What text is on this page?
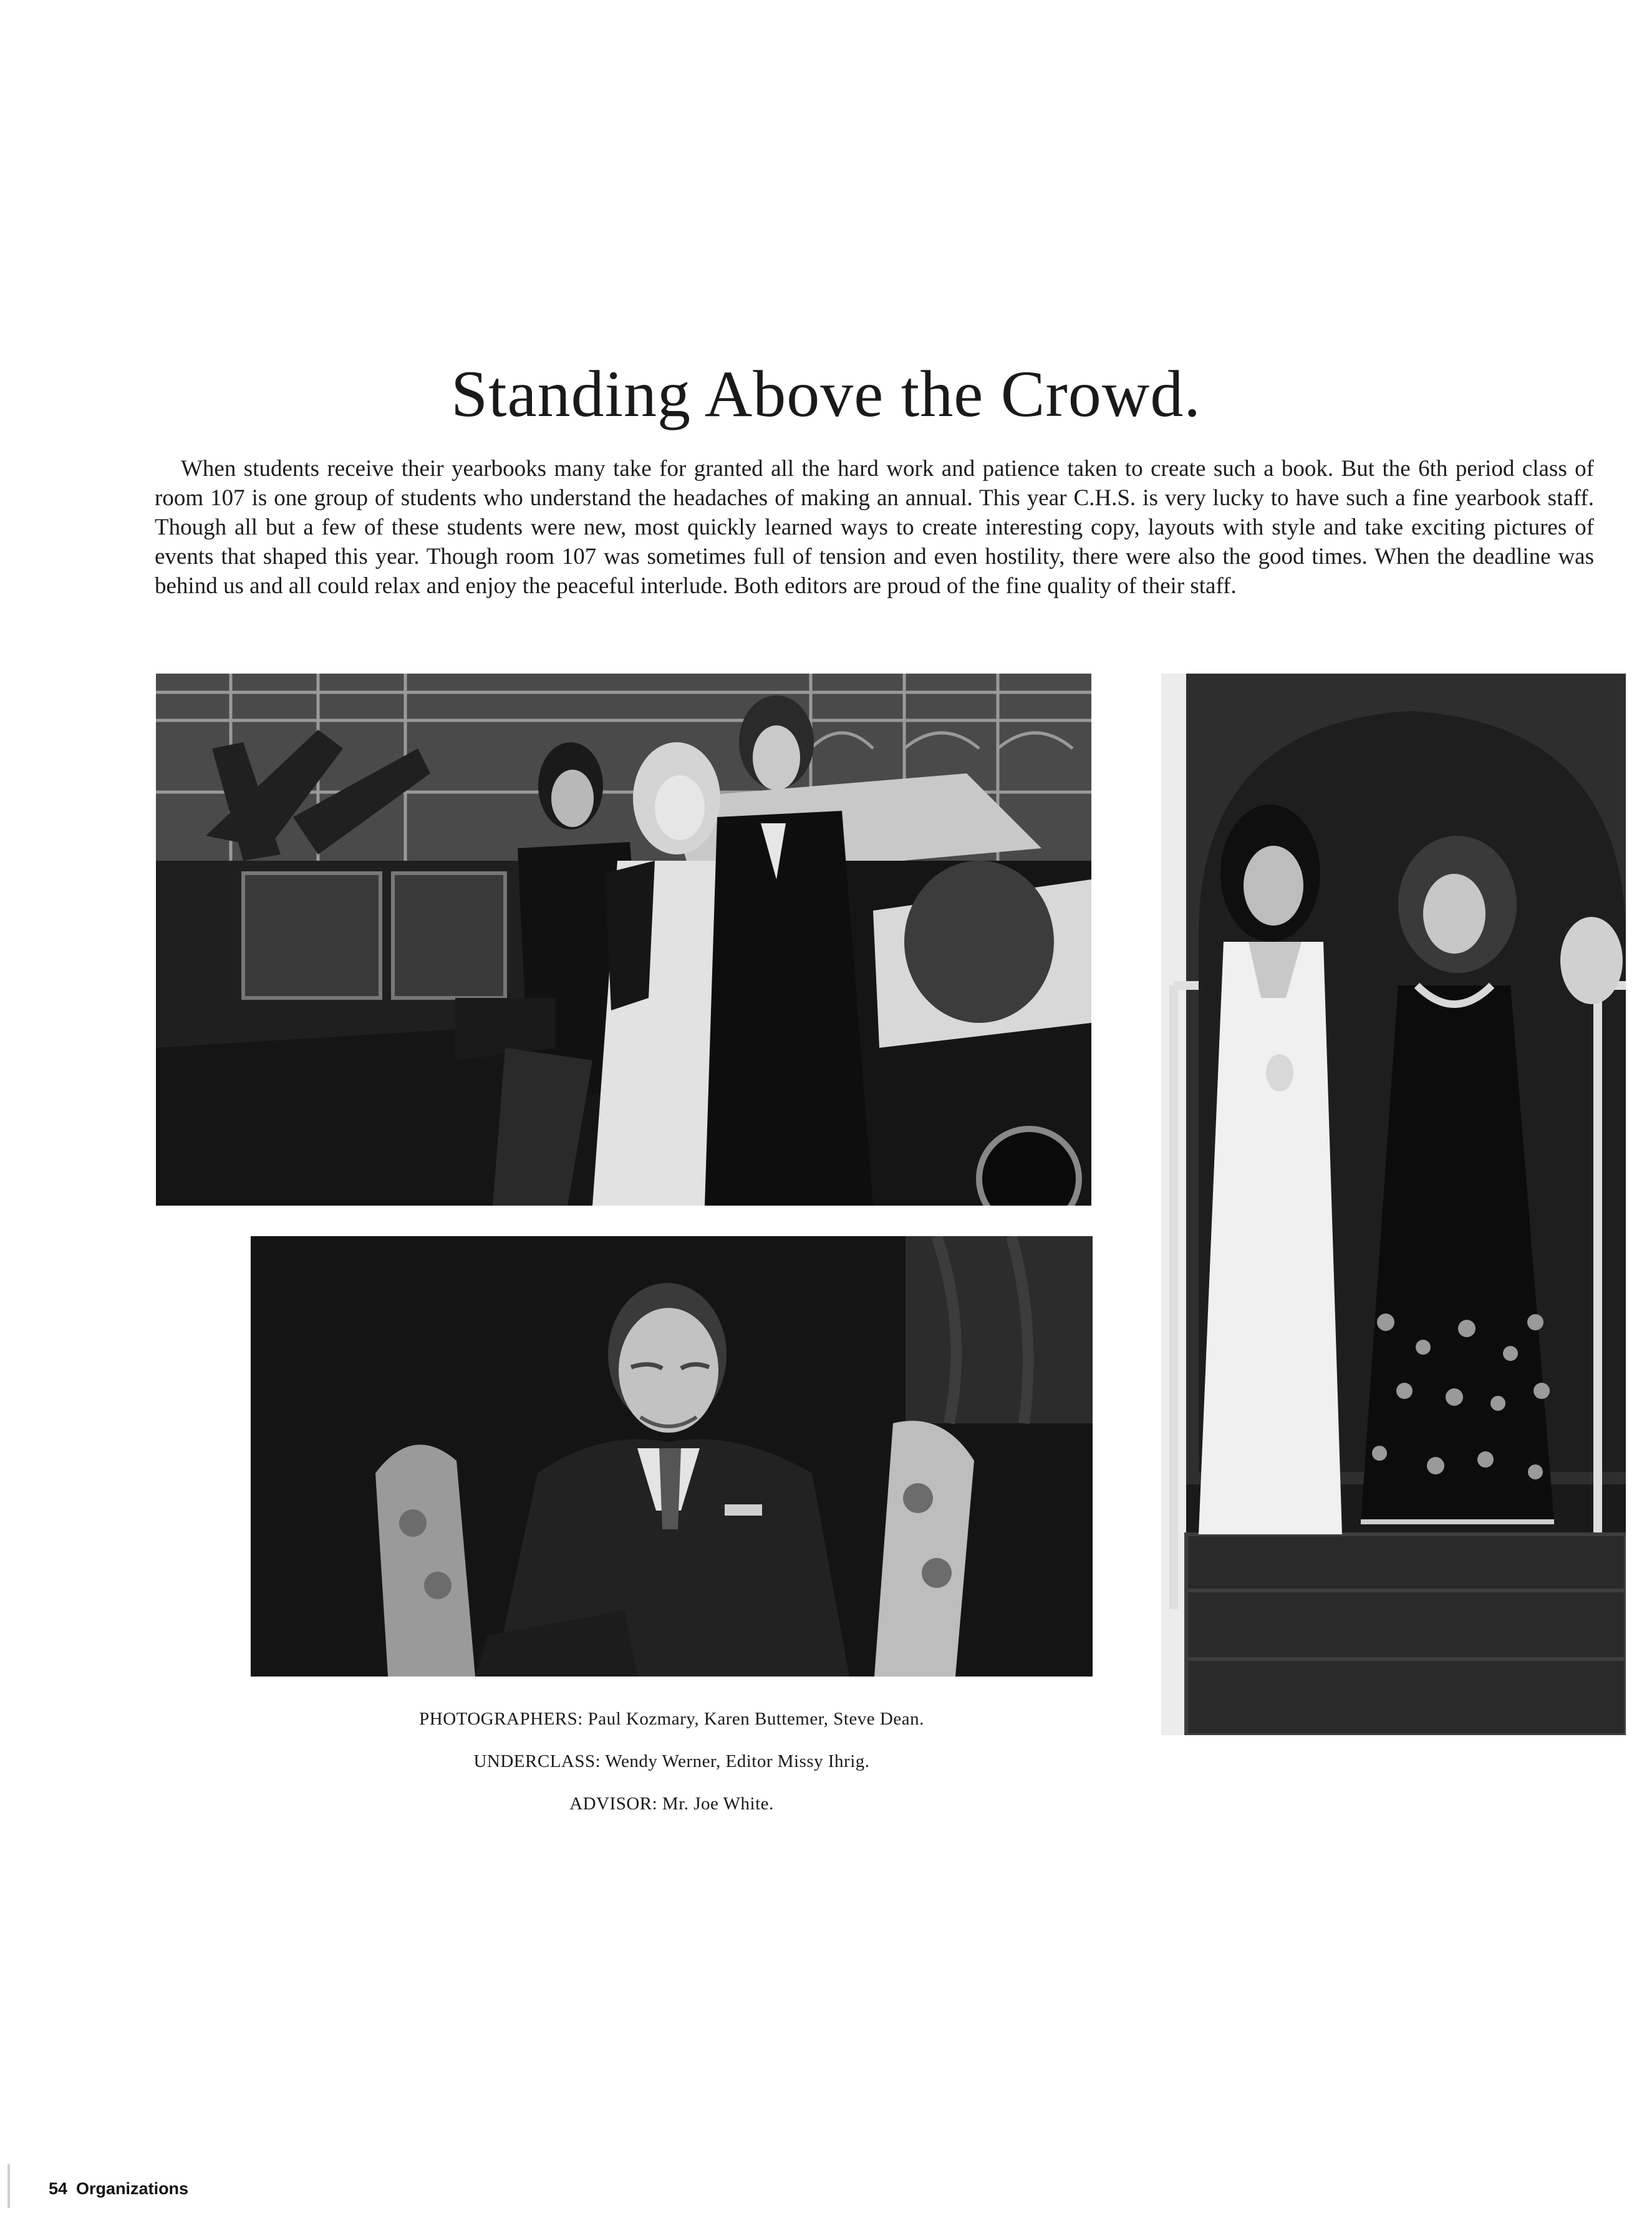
Standing Above the Crowd.

When students receive their yearbooks many take for granted all the hard work and patience taken to create such a book. But the 6th period class of room 107 is one group of students who understand the headaches of making an annual. This year C.H.S. is very lucky to have such a fine yearbook staff. Though all but a few of these students were new, most quickly learned ways to create interesting copy, layouts with style and take exciting pictures of events that shaped this year. Though room 107 was sometimes full of tension and even hostility, there were also the good times. When the deadline was behind us and all could relax and enjoy the peaceful interlude. Both editors are proud of the fine quality of their staff.

PHOTOGRAPHERS: Paul Kozmary, Karen Buttemer, Steve Dean.
UNDERCLASS: Wendy Werner, Editor Missy Ihrig.
ADVISOR: Mr. Joe White.
54 Organizations
